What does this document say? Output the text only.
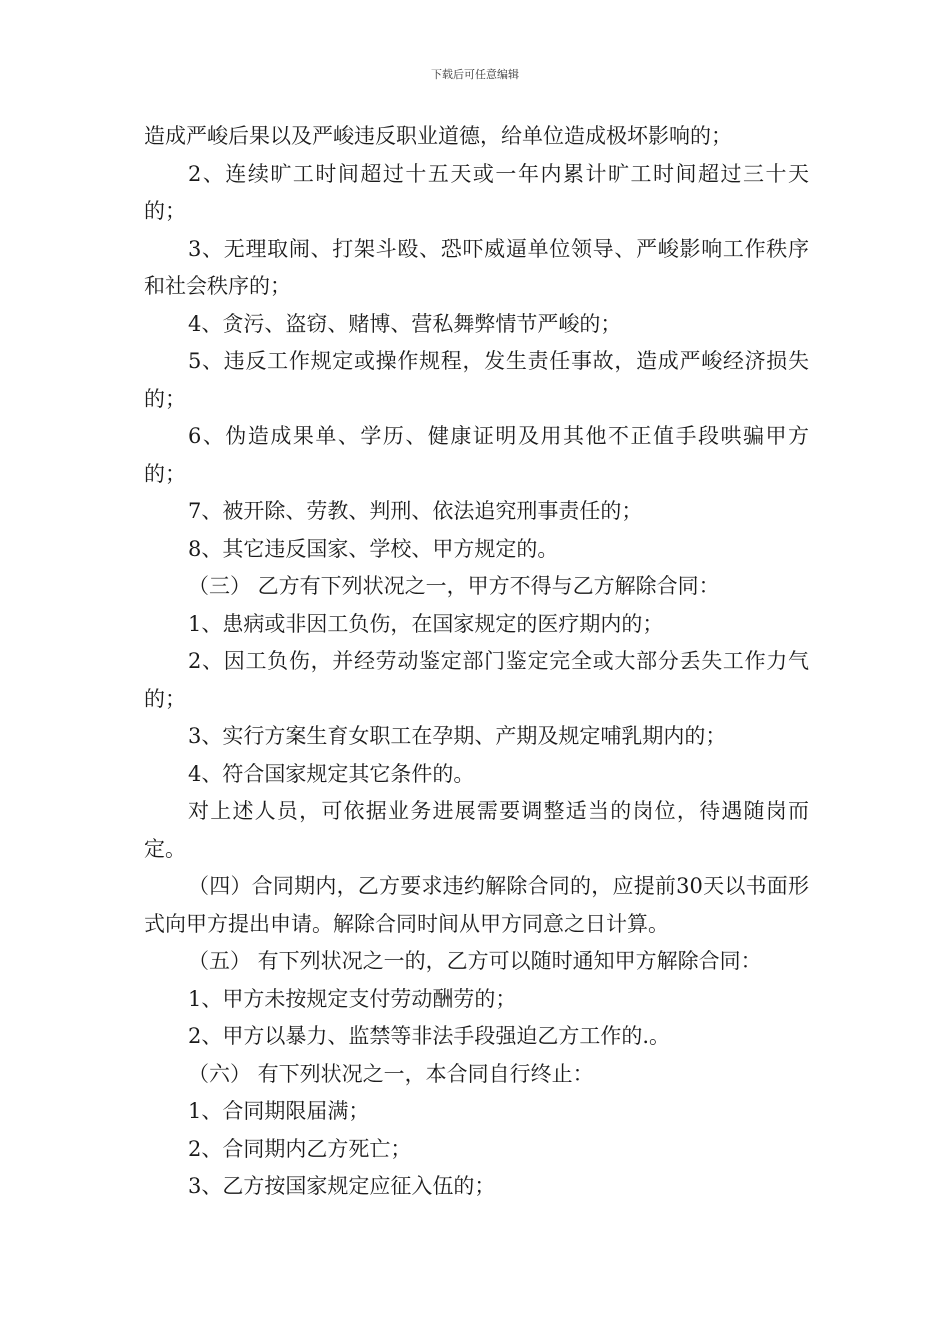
下载后可任意编辑

造成严峻后果以及严峻违反职业道德，给单位造成极坏影响的；

2、连续旷工时间超过十五天或一年内累计旷工时间超过三十天的；

3、无理取闹、打架斗殴、恐吓威逼单位领导、严峻影响工作秩序和社会秩序的；

4、贪污、盗窃、赌博、营私舞弊情节严峻的；

5、违反工作规定或操作规程，发生责任事故，造成严峻经济损失的；

6、伪造成果单、学历、健康证明及用其他不正值手段哄骗甲方的；

7、被开除、劳教、判刑、依法追究刑事责任的；

8、其它违反国家、学校、甲方规定的。

（三） 乙方有下列状况之一，甲方不得与乙方解除合同：

1、患病或非因工负伤，在国家规定的医疗期内的；

2、因工负伤，并经劳动鉴定部门鉴定完全或大部分丢失工作力气的；

3、实行方案生育女职工在孕期、产期及规定哺乳期内的；

4、符合国家规定其它条件的。

对上述人员，可依据业务进展需要调整适当的岗位，待遇随岗而定。

（四）合同期内，乙方要求违约解除合同的，应提前30天以书面形式向甲方提出申请。解除合同时间从甲方同意之日计算。

（五） 有下列状况之一的，乙方可以随时通知甲方解除合同：

1、甲方未按规定支付劳动酬劳的；

2、甲方以暴力、监禁等非法手段强迫乙方工作的.。

（六） 有下列状况之一，本合同自行终止：

1、合同期限届满；

2、合同期内乙方死亡；

3、乙方按国家规定应征入伍的；
